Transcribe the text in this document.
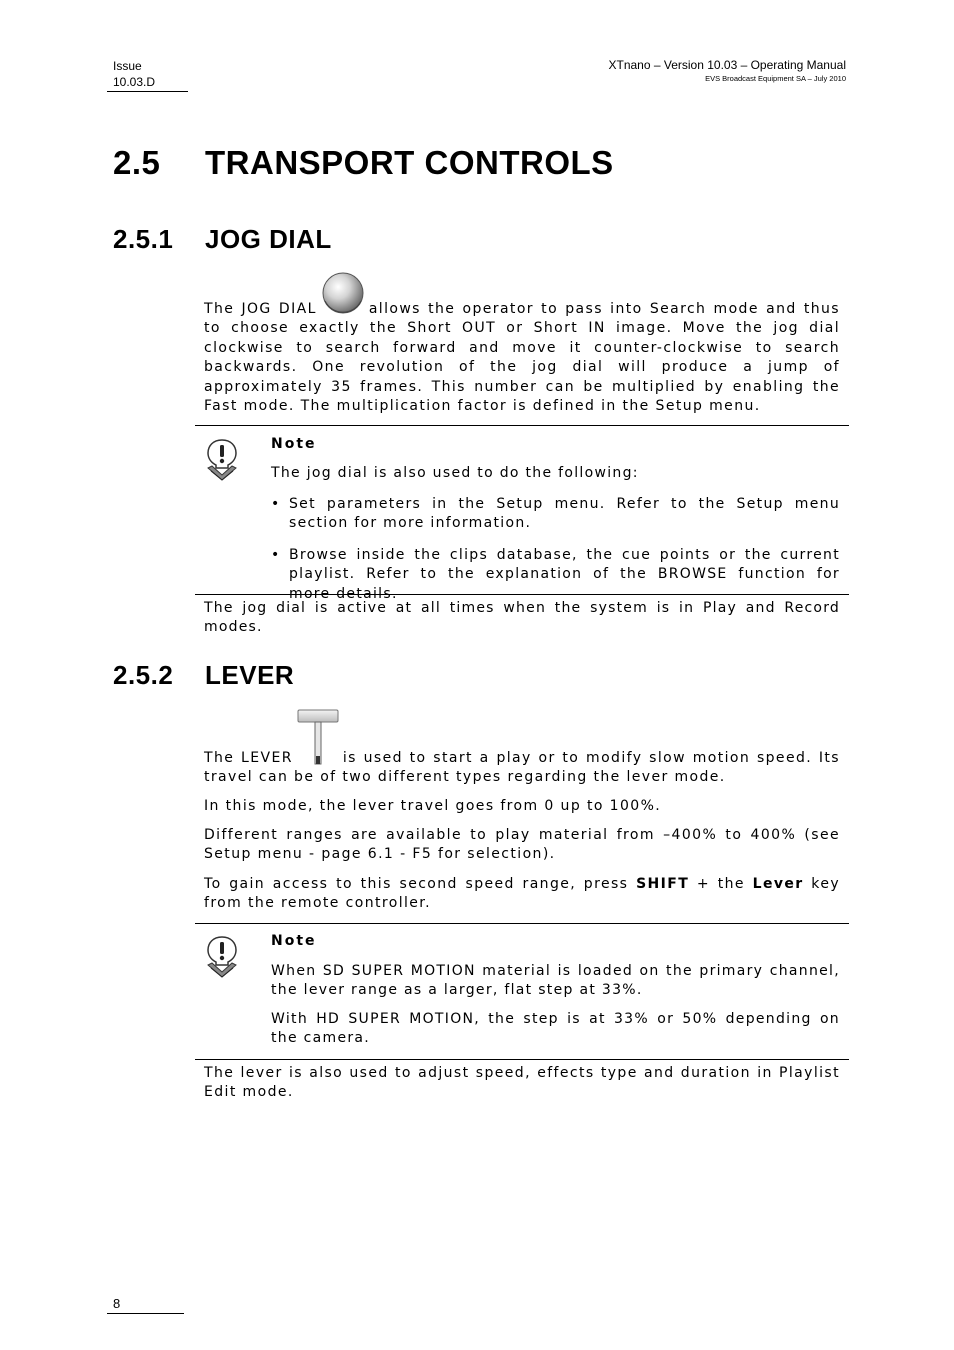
Issue
10.03.D
XTnano – Version 10.03 – Operating Manual
EVS Broadcast Equipment SA – July 2010
2.5 TRANSPORT CONTROLS
2.5.1 JOG DIAL

The JOG DIAL	allows the operator to pass into Search mode and thus to choose exactly the Short OUT or Short IN image. Move the jog dial clockwise to search forward and move it counter-clockwise to search backwards. One revolution of the jog dial will produce a jump of approximately 35 frames. This number can be multiplied by enabling the Fast mode. The multiplication factor is defined in the Setup menu.

Note

The jog dial is also used to do the following:

• Set parameters in the Setup menu. Refer to the Setup menu section for more information.
• Browse inside the clips database, the cue points or the current playlist. Refer to the explanation of the BROWSE function for more details.

The jog dial is active at all times when the system is in Play and Record modes.

2.5.2 LEVER

The LEVER	is used to start a play or to modify slow motion speed. Its travel can be of two different types regarding the lever mode.

In this mode, the lever travel goes from 0 up to 100%.

Different ranges are available to play material from –400% to 400% (see Setup menu - page 6.1 - F5 for selection).

To gain access to this second speed range, press SHIFT + the Lever key from the remote controller.

Note

When SD SUPER MOTION material is loaded on the primary channel, the lever range as a larger, flat step at 33%.

With HD SUPER MOTION, the step is at 33% or 50% depending on the camera.

The lever is also used to adjust speed, effects type and duration in Playlist Edit mode.

8
